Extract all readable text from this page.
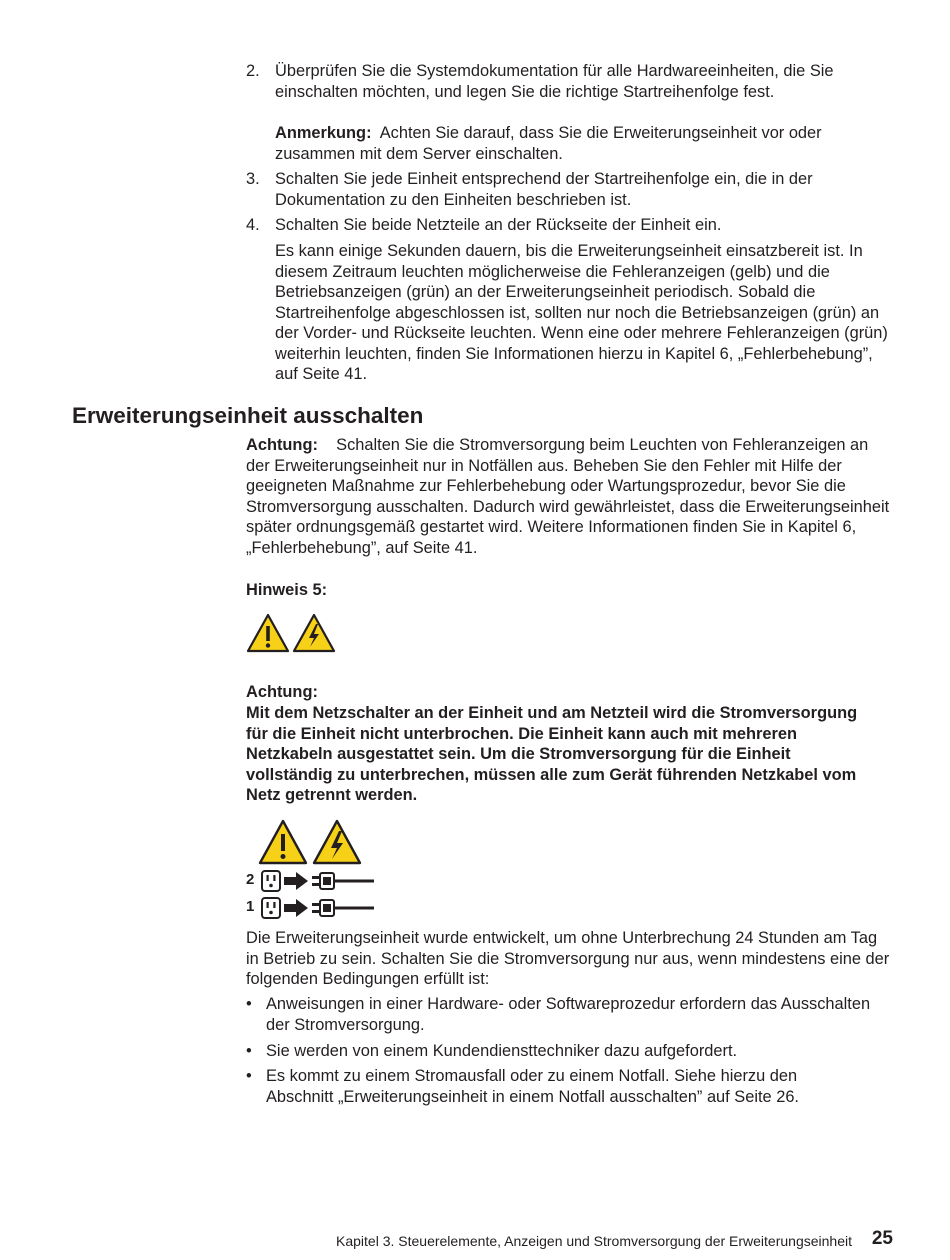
2. Überprüfen Sie die Systemdokumentation für alle Hardwareeinheiten, die Sie einschalten möchten, und legen Sie die richtige Startreihenfolge fest.

Anmerkung: Achten Sie darauf, dass Sie die Erweiterungseinheit vor oder zusammen mit dem Server einschalten.

3. Schalten Sie jede Einheit entsprechend der Startreihenfolge ein, die in der Dokumentation zu den Einheiten beschrieben ist.

4. Schalten Sie beide Netzteile an der Rückseite der Einheit ein.

Es kann einige Sekunden dauern, bis die Erweiterungseinheit einsatzbereit ist. In diesem Zeitraum leuchten möglicherweise die Fehleranzeigen (gelb) und die Betriebsanzeigen (grün) an der Erweiterungseinheit periodisch. Sobald die Startreihenfolge abgeschlossen ist, sollten nur noch die Betriebsanzeigen (grün) an der Vorder- und Rückseite leuchten. Wenn eine oder mehrere Fehleranzeigen (grün) weiterhin leuchten, finden Sie Informationen hierzu in Kapitel 6, „Fehlerbehebung”, auf Seite 41.

Erweiterungseinheit ausschalten

Achtung: Schalten Sie die Stromversorgung beim Leuchten von Fehleranzeigen an der Erweiterungseinheit nur in Notfällen aus. Beheben Sie den Fehler mit Hilfe der geeigneten Maßnahme zur Fehlerbehebung oder Wartungsprozedur, bevor Sie die Stromversorgung ausschalten. Dadurch wird gewährleistet, dass die Erweiterungseinheit später ordnungsgemäß gestartet wird. Weitere Informationen finden Sie in Kapitel 6, „Fehlerbehebung”, auf Seite 41.

Hinweis 5:

Achtung:

Mit dem Netzschalter an der Einheit und am Netzteil wird die Stromversorgung für die Einheit nicht unterbrochen. Die Einheit kann auch mit mehreren Netzkabeln ausgestattet sein. Um die Stromversorgung für die Einheit vollständig zu unterbrechen, müssen alle zum Gerät führenden Netzkabel vom Netz getrennt werden.

2
1

Die Erweiterungseinheit wurde entwickelt, um ohne Unterbrechung 24 Stunden am Tag in Betrieb zu sein. Schalten Sie die Stromversorgung nur aus, wenn mindestens eine der folgenden Bedingungen erfüllt ist:

• Anweisungen in einer Hardware- oder Softwareprozedur erfordern das Ausschalten der Stromversorgung.

• Sie werden von einem Kundendiensttechniker dazu aufgefordert.

• Es kommt zu einem Stromausfall oder zu einem Notfall. Siehe hierzu den Abschnitt „Erweiterungseinheit in einem Notfall ausschalten” auf Seite 26.

Kapitel 3. Steuerelemente, Anzeigen und Stromversorgung der Erweiterungseinheit 25
